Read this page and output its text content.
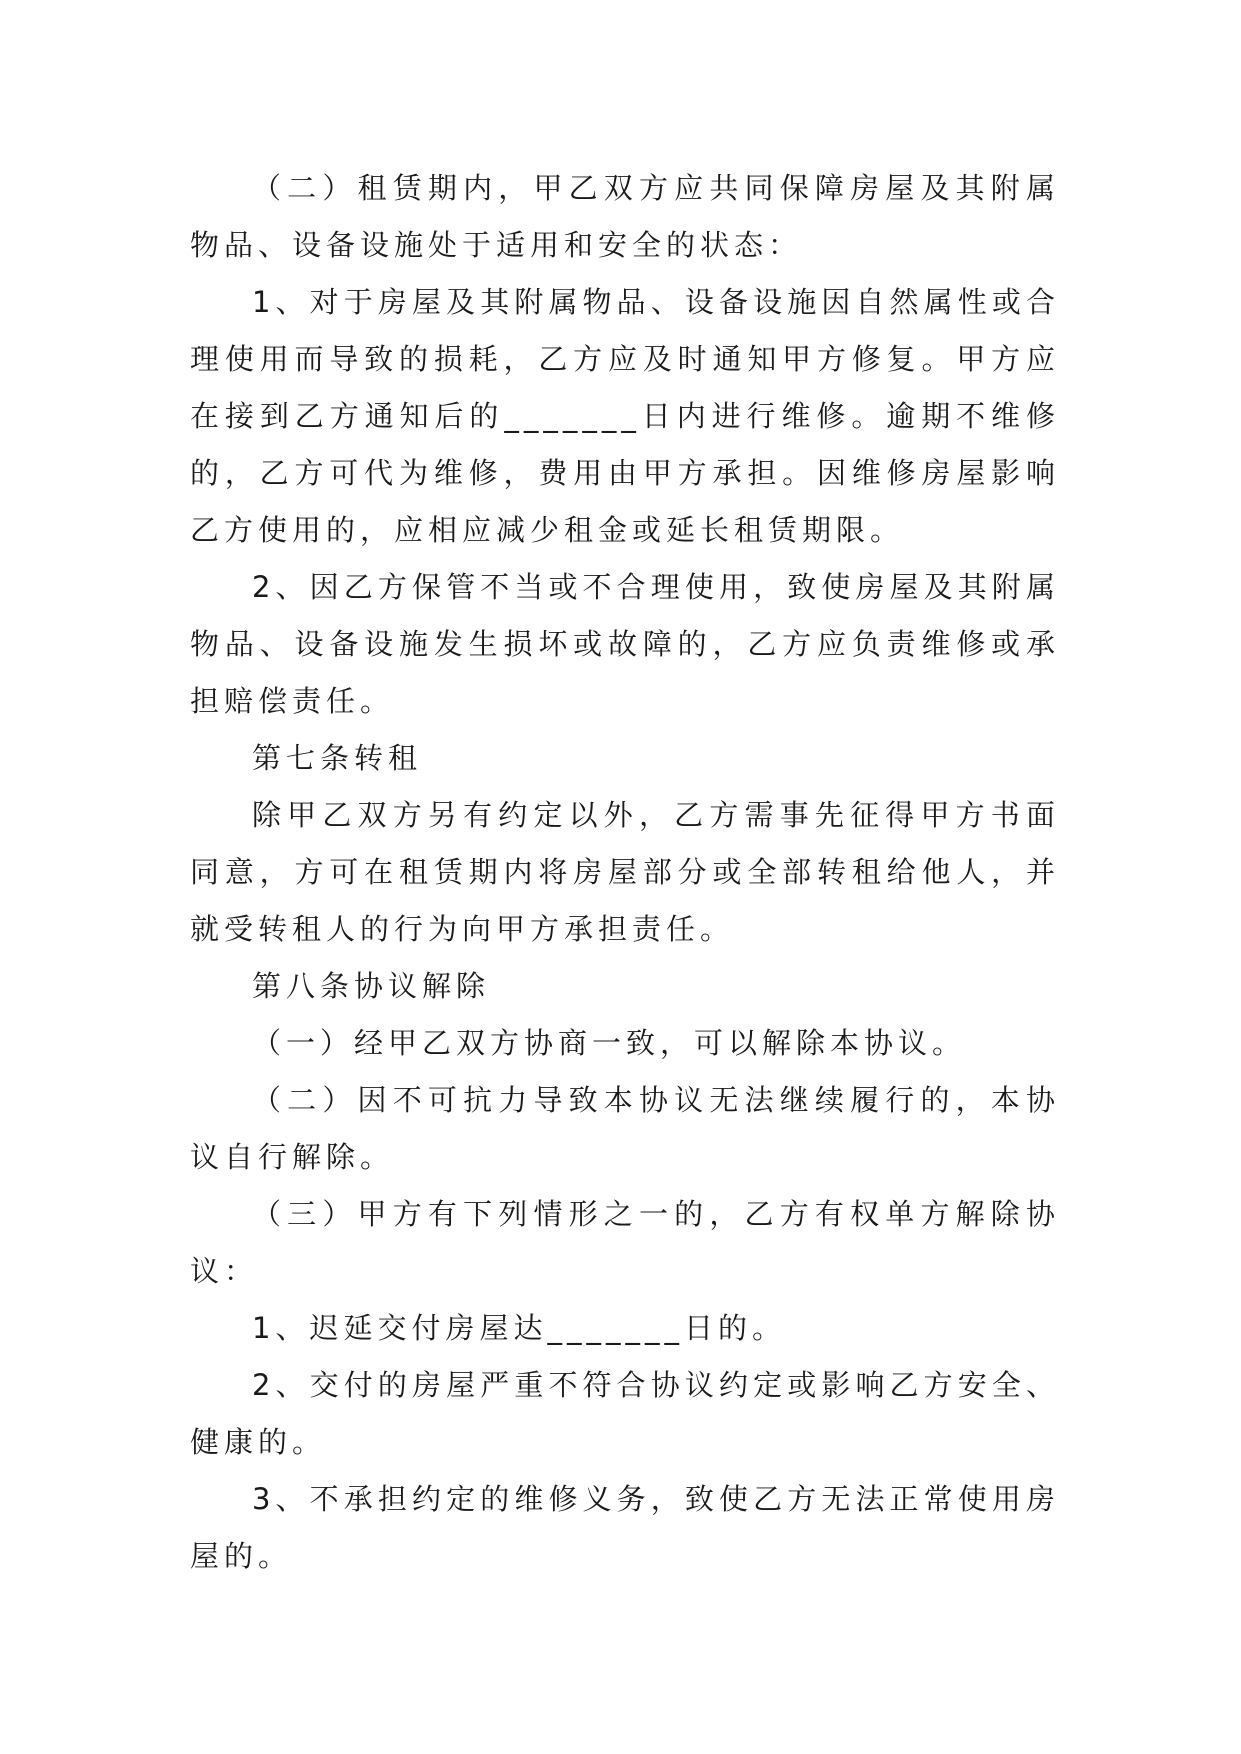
（二）租赁期内，甲乙双方应共同保障房屋及其附属物品、设备设施处于适用和安全的状态：

1、对于房屋及其附属物品、设备设施因自然属性或合理使用而导致的损耗，乙方应及时通知甲方修复。甲方应在接到乙方通知后的_______日内进行维修。逾期不维修的，乙方可代为维修，费用由甲方承担。因维修房屋影响乙方使用的，应相应减少租金或延长租赁期限。

2、因乙方保管不当或不合理使用，致使房屋及其附属物品、设备设施发生损坏或故障的，乙方应负责维修或承担赔偿责任。

第七条转租

除甲乙双方另有约定以外，乙方需事先征得甲方书面同意，方可在租赁期内将房屋部分或全部转租给他人，并就受转租人的行为向甲方承担责任。

第八条协议解除

（一）经甲乙双方协商一致，可以解除本协议。

（二）因不可抗力导致本协议无法继续履行的，本协议自行解除。

（三）甲方有下列情形之一的，乙方有权单方解除协议：

1、迟延交付房屋达_______日的。

2、交付的房屋严重不符合协议约定或影响乙方安全、健康的。

3、不承担约定的维修义务，致使乙方无法正常使用房屋的。
